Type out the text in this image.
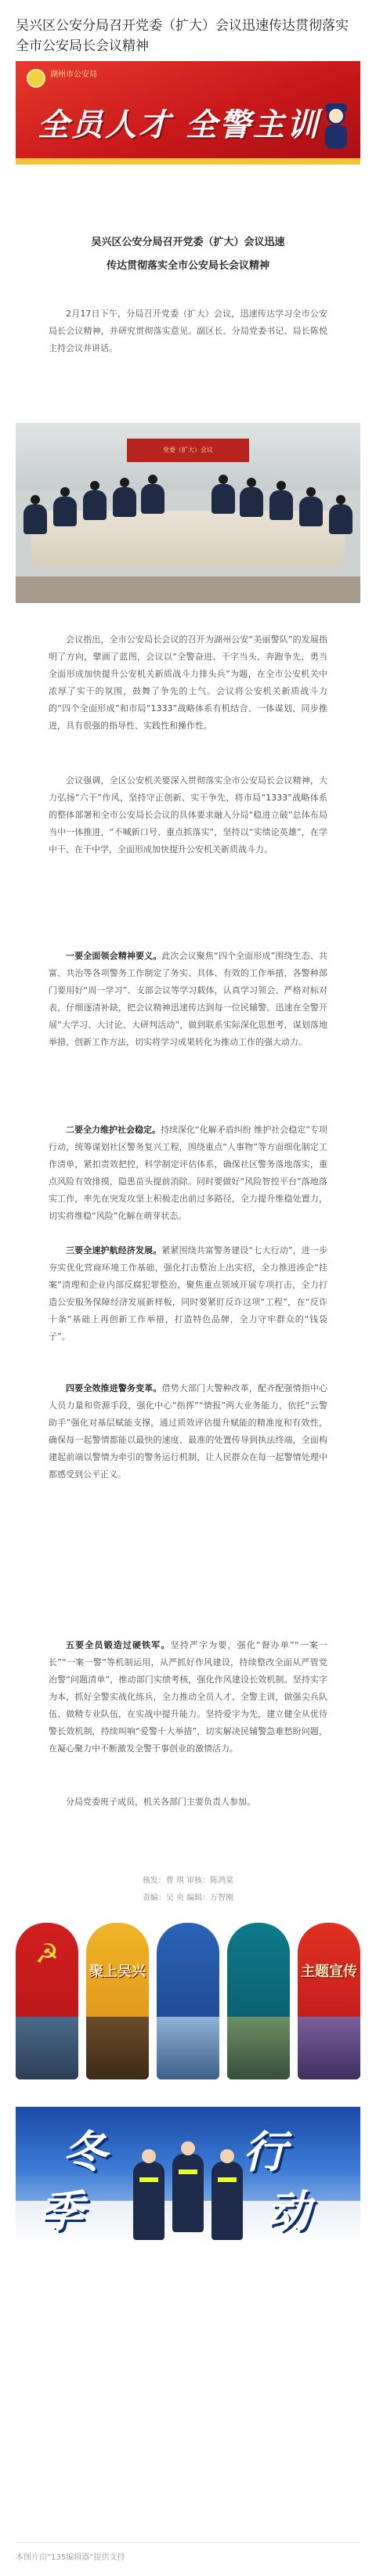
吴兴区公安分局召开党委（扩大）会议迅速传达贯彻落实全市公安局长会议精神
湖州市公安局
全员人才 全警主训
吴兴区公安分局召开党委（扩大）会议迅速
传达贯彻落实全市公安局长会议精神

2月17日下午，分局召开党委（扩大）会议，迅速传达学习全市公安局长会议精神，并研究贯彻落实意见。副区长、分局党委书记、局长陈悦主持会议并讲话。

党委（扩大）会议

会议指出，全市公安局长会议的召开为湖州公安“美丽警队”的发展指明了方向，擘画了蓝图，会议以“全警奋进、干字当头、奔跑争先，勇当全面形成加快提升公安机关新质战斗力排头兵”为题，在全市公安机关中浓厚了实干的氛围，鼓舞了争先的士气。会议将公安机关新质战斗力的“四个全面形成”和市局“1333”战略体系有机结合、一体谋划、同步推进，具有很强的指导性、实践性和操作性。

会议强调，全区公安机关要深入贯彻落实全市公安局长会议精神，大力弘扬“六干”作风，坚持守正创新、实干争先，将市局“1333”战略体系的整体部署和全市公安局长会议的具体要求融入分局“稳进立破”总体布局当中一体推进，“不喊新口号、重点抓落实”，坚持以“实绩论英雄”，在学中干、在干中学，全面形成加快提升公安机关新质战斗力。

一要全面领会精神要义。此次会议聚焦“四个全面形成”围绕生态、共富、共治等各项警务工作制定了务实、具体、有效的工作举措，各警种部门要用好“周一学习”、支部会议等学习载体，认真学习领会、严格对标对表，仔细逐清补缺，把会议精神迅速传达到每一位民辅警。迅速在全警开展“大学习、大讨论、大研判活动”，做到联系实际深化思想考，谋划落地举措、创新工作方法，切实将学习成果转化为推动工作的强大动力。

二要全力维护社会稳定。持续深化“化解矛盾纠纷 维护社会稳定”专项行动，统筹谋划社区警务复兴工程，围绕重点“人事物”等方面细化制定工作清单，紧扣责效把控，科学制定评估体系，确保社区警务落地落实，重点风险有效排摸，隐患苗头提前消除。同时要做好“风险智控平台”落地落实工作，率先在突发攻坚上积极走出前过多路径，全力提升维稳处置力，切实将维稳“风险”化解在萌芽状态。

三要全速护航经济发展。紧紧围绕共富警务建设“七大行动”，进一步夯实优化营商环境工作基础，强化打击整治上出实招，全力推进涉企“挂案”清理和企业内部反腐犯罪整治，聚焦重点领域开展专项打击，全力打造公安服务保障经济发展新样板，同时要紧盯反诈这项“工程”，在“反诈十条”基础上再创新工作举措，打造特色品牌，全力守牢群众的“钱袋子”。

四要全效推进警务变革。借势大部门大警种改革，配齐配强情指中心人员力量和资源手段，强化中心“指挥”“情报”两大业务能力，依托“云警助手”强化对基层赋能支撑，通过质效评估提升赋能的精准度和有效性，确保每一起警情都能以最快的速度、最准的处置传导到执法终端，全面构建起前端以警情为牵引的警务运行机制，让人民群众在每一起警情处理中都感受到公平正义。

五要全员锻造过硬铁军。坚持严字为要，强化“督办单”“一案一长”“一案一警”等机制运用，从严抓好作风建设，持续整改全面从严管党治警“问题清单”，推动部门实绩考核，强化作风建设长效机制。坚持实字为本，抓好全警实战化练兵，全力推动全员人才、全警主训，做强尖兵队伍、做精专业队伍，在实战中提升能力。坚持爱字为先，建立健全从优待警长效机制，持续叫响“爱警十大举措”，切实解决民辅警急难愁盼问题，在凝心聚力中不断激发全警干事创业的激情活力。

分局党委班子成员，机关各部门主要负责人参加。

核发：曹 琪 审核：陈鸿棠
责编：吴 央 编辑：万智刚
☭
聚上吴兴	主题宣传
冬	行
季	动
本图片由“135编辑器”提供支持
